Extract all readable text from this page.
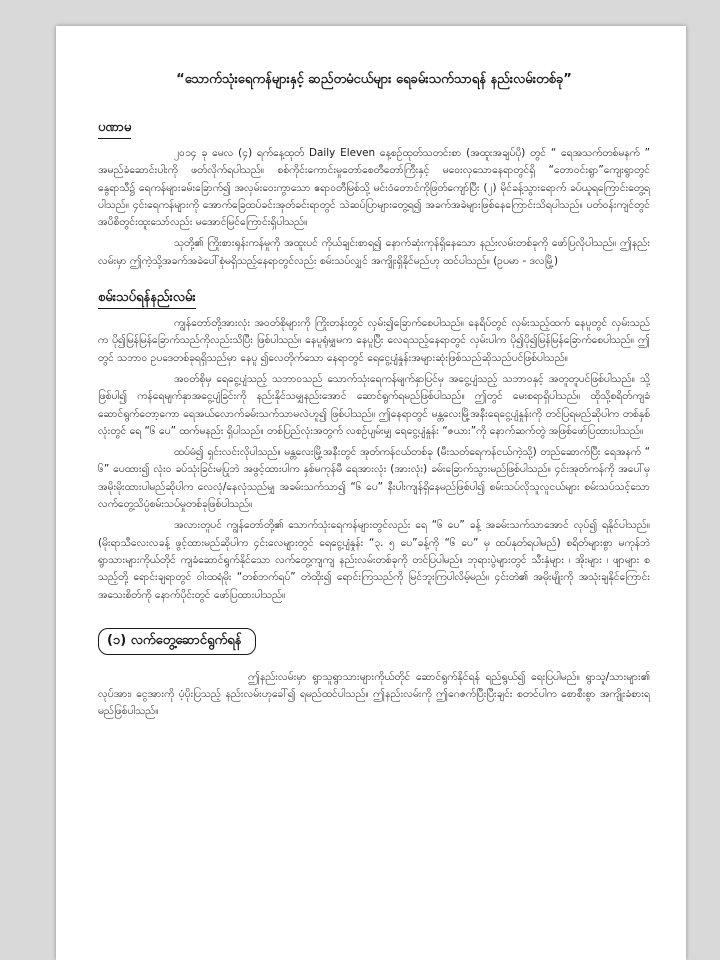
“သောက်သုံးရေကန်များနှင့် ဆည်တမံငယ်များ ရေခမ်းသက်သာရန် နည်းလမ်းတစ်ခု”
ပဏာမ

၂၀၁၄ ခု မေလ (၄) ရက်နေ့ထုတ် Daily Eleven နေ့စဉ်ထုတ်သတင်းစာ (အထူးအချပ်ပို) တွင် “ ရေအသက်တစ်မနက် ” အမည်ခံဆောင်းပါးကို ဖတ်လိုက်ရပါသည်။ စစ်ကိုင်းကောင်းမှုတော်စေတီတော်ကြီးနှင့် မဝေးလှသောနေရာတွင်ရှိ “တောဝင်းရွာ”ကျေးရွာတွင် နွေရာသီ၌ ရေကန်များခမ်းခြောက်၍ အလှမ်းဝေးကွာသော ဧရာဝတီမြစ်သို့ မင်းဝံတောင်ကိုဖြတ်ကျော်ပြီး (၂) မိုင်ခန့်သွားရောက် ခပ်ယူရကြောင်းတွေ့ရပါသည်။ ၄င်းရေကန်များကို အောက်ခြေထပ်ခင်းအုတ်ခင်းရာတွင် သဲဆပ်ပြာများတွေ့ရ၍ အခက်အခဲများဖြစ်နေကြောင်းသိရပါသည်။ ပတ်ဝန်းကျင်တွင် အပိစိတွင်းထူးသော်လည်း မအောင်မြင်ကြောင်းရှိပါသည်။

သုတို့၏ ကြိုးစားရုန်းကန်မှုကို အထူးပင် ကိုယ်ချင်းစာရ၍ နောက်ဆုံးကုန်ရှိနေသော နည်းလမ်းတစ်ခုကို ဖော်ပြလိုပါသည်။ ဤနည်းလမ်းမှာ ဤကဲ့သို့အခက်အခဲပေါ်စုံမရှိသည့်နေရာတွင်လည်း စမ်းသပ်လျှင် အကျိုးရှိနိုင်မည်ဟု ထင်ပါသည်။ (ဥပမာ - ဒလမြို့)

စမ်းသပ်ရန်နည်းလမ်း

ကျွန်တော်တို့အားလုံး အဝတ်စိုများကို ကြိုးတန်းတွင် လှမ်း၍ခြောက်စေပါသည်။ နေရိပ်တွင် လှမ်းသည့်ထက် နေပူတွင် လှမ်းသည်က ပို၍မြန်မြန်ခြောက်သည်ကိုလည်းသိပြီး ဖြစ်ပါသည်။ နေပူရုံမျှမက နေပူပြီး လေရသည့်နေရာတွင် လှမ်းပါက ပို၍ပို၍မြန်မြန်ခြောက်စေပါသည်။ ဤတွင် သဘာဝ ဥပဒေတစ်ခုရရှိသည်မှာ နေပူ ၍လေတိုက်သော နေရာတွင် ရေငွေ့ပျံနှုန်းအများဆုံးဖြစ်သည်ဆိုသည်ပင်ဖြစ်ပါသည်။

အဝတ်စိုမှ ရေငွေ့ပျံသည့် သဘာဝသည် သောက်သုံးရေကန်မျက်နှာပြင်မှ အငွေ့ပျံသည့် သဘာဝနှင့် အတူတူပင်ဖြစ်ပါသည်။ သို့ဖြစ်ပါ၍ ကန်ရေမျက်နှာအငွေ့ပျံခြင်းကို နည်းနိုင်သမျှနည်းအောင် ဆောင်ရွက်ရမည်ဖြစ်ပါသည်။ ဤတွင် မေးစရာရှိပါသည်။ ထိုသို့စရိတ်ကျခံဆောင်ရွက်တော့ကော ရေအယ်လောက်ခမ်းသက်သာမလဲဟူ၍ ဖြစ်ပါသည်။ ဤနေရာတွင် မန္တလေးမြို့အနီးရေငွေ့ပျံနှုန်းကို တင်ပြရမည်ဆိုပါက တစ်နှစ်လုံးတွင် ရေ “၆ ပေ” ထက်မနည်း ရှိပါသည်။ တစ်ပြည်လုံးအတွက် လစဉ်ပျမ်းမျှ ရေငွေ့ပျံနှုန်း “ဇယား”ကို နောက်ဆက်တွဲ အဖြစ်ဖော်ပြထားပါသည်။

ထပ်မံ၍ ရှင်းလင်းလိုပါသည်။ မန္တလေးမြို့အနီးတွင် အုတ်ကန်ငယ်တစ်ခု (မီးသတ်ရေကန်ငယ်ကဲ့သို့) တည်ဆောက်ပြီး ရေအနက် “ ၆” ပေထား၍ လုံးဝ ခပ်သုံးခြင်းမပြုဘဲ အဖွင့်ထားပါက နှစ်မကုန်မီ ရေအားလုံး (အားလုံး) ခမ်းခြောက်သွားမည်ဖြစ်ပါသည်။ ၄င်းအုတ်ကန်ကို အပေါ်မှ အမိုးမိုးထားပါမည်ဆိုပါက လေလုံ/နေလုံသည်မျှ အခမ်းသက်သာ၍ “၆ ပေ” နီးပါးကျန်ရှိနေမည်ဖြစ်ပါ၍ စမ်းသပ်လိုသူလူငယ်များ စမ်းသပ်သင့်သော လက်တွေ့သိပ္ပံစမ်းသပ်မှုတစ်ခုဖြစ်ပါသည်။

အလားတူပင် ကျွန်တော်တို့၏ သောက်သုံးရေကန်များတွင်လည်း ရေ “၆ ပေ” ခန့် အခမ်းသက်သာအောင် လုပ်၍ ရနိုင်ပါသည်။ (မိုးရာသီလေးလခန့် ဖွင့်ထားမည်ဆိုပါက ၄င်းလေများတွင် ရေငွေ့ပျံနှုန်း “၃. ၅ ပေ”ခန့်ကို “၆ ပေ” မှ ထပ်နုတ်ရပါမည်) စရိတ်များစွာ မကုန်ဘဲ ရွာသားများကိုယ်တိုင် ကျခံဆောင်ရွက်နိုင်သော လက်တွေ့ကျကျ နည်းလမ်းတစ်ခုကို တင်ပြပါမည်။ ဘုရားပွဲများတွင် သီးနှံများ ၊ အိုးများ ၊ ဖျာများ စသည့်တို့ ရောင်းချရာတွင် ဝါးထရံမိုး “တစ်ဘက်ရပ်” တဲထိုး၍ ရောင်းကြသည်ကို မြင်ဘူးကြပါလိမ့်မည်။ ၄င်းတဲ၏ အမိုးမျိုးကို အသုံးချနိုင်ကြောင်းအသေးစိတ်ကို နောက်ပိုင်းတွင် ဖော်ပြထားပါသည်။

(၁) လက်တွေ့ဆောင်ရွက်ရန်

ဤနည်းလမ်းမှာ ရွာသူရွာသားများကိုယ်တိုင် ဆောင်ရွက်နိုင်ရန် ရည်ရွယ်၍ ရေးပြပါမည်။ ရွာသူ/သားများ၏ လုပ်အား၊ ငွေအားကို ပံ့ပိုးပြသည့် နည်းလမ်းဟုခေါ်၍ ရမည်ထင်ပါသည်။ ဤနည်းလမ်းကို ဤဂေဇက်ပြီးပြီးချင်း စတင်ပါက စောစီးစွာ အကျိုးခံစားရမည်ဖြစ်ပါသည်။
